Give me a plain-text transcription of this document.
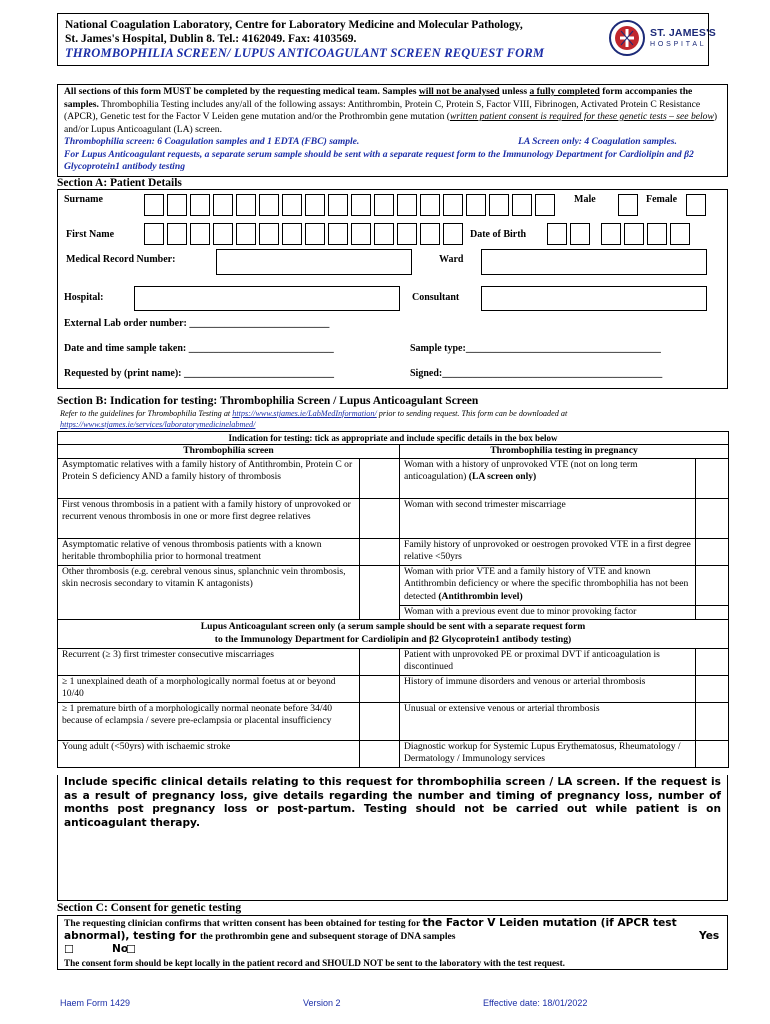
National Coagulation Laboratory, Centre for Laboratory Medicine and Molecular Pathology,
St. James's Hospital, Dublin 8. Tel.: 4162049. Fax: 4103569.
THROMBOPHILIA SCREEN/ LUPUS ANTICOAGULANT SCREEN REQUEST FORM
ST. JAMES'S
HOSPITAL
All sections of this form MUST be completed by the requesting medical team. Samples will not be analysed unless a fully completed form accompanies the samples. Thrombophilia Testing includes any/all of the following assays: Antithrombin, Protein C, Protein S, Factor VIII, Fibrinogen, Activated Protein C Resistance (APCR), Genetic test for the Factor V Leiden gene mutation and/or the Prothrombin gene mutation (written patient consent is required for these genetic tests – see below) and/or Lupus Anticoagulant (LA) screen.
Thrombophilia screen: 6 Coagulation samples and 1 EDTA (FBC) sample.	LA Screen only: 4 Coagulation samples.
For Lupus Anticoagulant requests, a separate serum sample should be sent with a separate request form to the Immunology Department for Cardiolipin and β2 Glycoprotein1 antibody testing
Section A: Patient Details
Surname	Male	Female
First Name	Date of Birth
Medical Record Number:	Ward
Hospital:	Consultant
External Lab order number: ____________________________
Date and time sample taken: _____________________________	Sample type:_______________________________________
Requested by (print name): ______________________________	Signed:____________________________________________
Section B: Indication for testing: Thrombophilia Screen / Lupus Anticoagulant Screen
Refer to the guidelines for Thrombophilia Testing at https://www.stjames.ie/LabMedInformation/ prior to sending request. This form can be downloaded at
https://www.stjames.ie/services/laboratorymedicinelabmed/
Indication for testing: tick as appropriate and include specific details in the box below			
Thrombophilia screen		Thrombophilia testing in pregnancy	
Asymptomatic relatives with a family history of Antithrombin, Protein C or Protein S deficiency AND a family history of thrombosis		Woman with a history of unprovoked VTE (not on long term anticoagulation) (LA screen only)	
First venous thrombosis in a patient with a family history of unprovoked or recurrent venous thrombosis in one or more first degree relatives		Woman with second trimester miscarriage	
Asymptomatic relative of venous thrombosis patients with a known heritable thrombophilia prior to hormonal treatment		Family history of unprovoked or oestrogen provoked VTE in a first degree relative <50yrs	
Other thrombosis (e.g. cerebral venous sinus, splanchnic vein thrombosis, skin necrosis secondary to vitamin K antagonists)		Woman with prior VTE and a family history of VTE and known Antithrombin deficiency or where the specific thrombophilia has not been detected (Antithrombin level)	
		Woman with a previous event due to minor provoking factor	
Lupus Anticoagulant screen only (a serum sample should be sent with a separate request form
to the Immunology Department for Cardiolipin and β2 Glycoprotein1 antibody testing)			
Recurrent (≥ 3) first trimester consecutive miscarriages		Patient with unprovoked PE or proximal DVT if anticoagulation is discontinued	
≥ 1 unexplained death of a morphologically normal foetus at or beyond 10/40		History of immune disorders and venous or arterial thrombosis	
≥ 1 premature birth of a morphologically normal neonate before 34/40 because of eclampsia / severe pre-eclampsia or placental insufficiency		Unusual or extensive venous or arterial thrombosis	
Young adult (<50yrs) with ischaemic stroke		Diagnostic workup for Systemic Lupus Erythematosus, Rheumatology / Dermatology / Immunology services	
Include specific clinical details relating to this request for thrombophilia screen / LA screen. If the request is as a result of pregnancy loss, give details regarding the number and timing of pregnancy loss, number of months post pregnancy loss or post-partum. Testing should not be carried out while patient is on anticoagulant therapy.
Section C: Consent for genetic testing
The requesting clinician confirms that written consent has been obtained for testing for the Factor V Leiden mutation (if APCR test abnormal), testing for the prothrombin gene and subsequent storage of DNA samples	Yes
☐	No
☐
The consent form should be kept locally in the patient record and SHOULD NOT be sent to the laboratory with the test request.
Haem Form 1429	Version 2	Effective date: 18/01/2022
